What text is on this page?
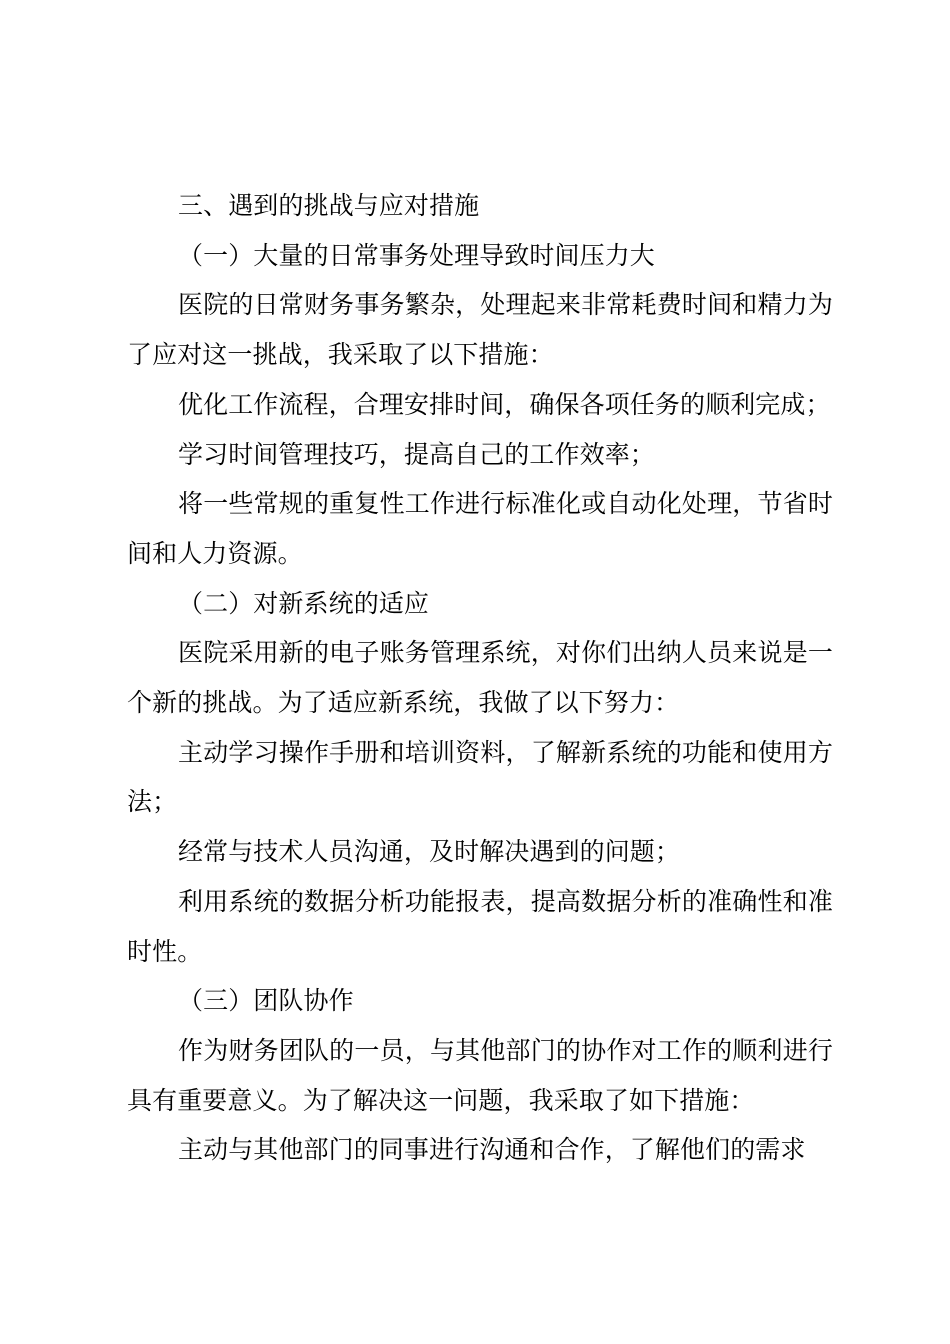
三、遇到的挑战与应对措施

（一）大量的日常事务处理导致时间压力大

医院的日常财务事务繁杂，处理起来非常耗费时间和精力为了应对这一挑战，我采取了以下措施：

优化工作流程，合理安排时间，确保各项任务的顺利完成；

学习时间管理技巧，提高自己的工作效率；

将一些常规的重复性工作进行标准化或自动化处理，节省时间和人力资源。

（二）对新系统的适应

医院采用新的电子账务管理系统，对你们出纳人员来说是一个新的挑战。为了适应新系统，我做了以下努力：

主动学习操作手册和培训资料，了解新系统的功能和使用方法；

经常与技术人员沟通，及时解决遇到的问题；

利用系统的数据分析功能报表，提高数据分析的准确性和准时性。

（三）团队协作

作为财务团队的一员，与其他部门的协作对工作的顺利进行具有重要意义。为了解决这一问题，我采取了如下措施：

主动与其他部门的同事进行沟通和合作，了解他们的需求
